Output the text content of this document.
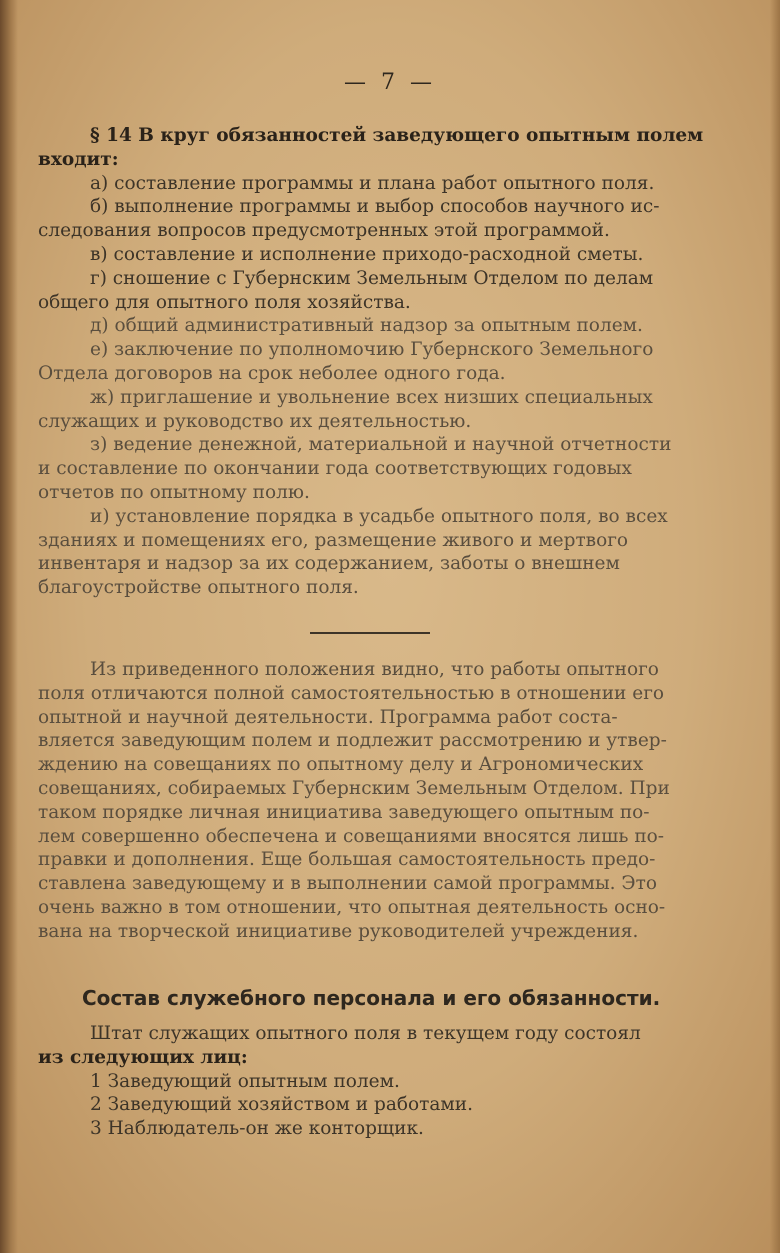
— 7 —
§ 14 В круг обязанностей заведующего опытным полем
входит:
а) составление программы и плана работ опытного поля.
б) выполнение программы и выбор способов научного ис-
следования вопросов предусмотренных этой программой.
в) составление и исполнение приходо-расходной сметы.
г) сношение с Губернским Земельным Отделом по делам
общего для опытного поля хозяйства.
д) общий административный надзор за опытным полем.
е) заключение по уполномочию Губернского Земельного
Отдела договоров на срок неболее одного года.
ж) приглашение и увольнение всех низших специальных
служащих и руководство их деятельностью.
з) ведение денежной, материальной и научной отчетности
и составление по окончании года соответствующих годовых
отчетов по опытному полю.
и) установление порядка в усадьбе опытного поля, во всех
зданиях и помещениях его, размещение живого и мертвого
инвентаря и надзор за их содержанием, заботы о внешнем
благоустройстве опытного поля.
Из приведенного положения видно, что работы опытного
поля отличаются полной самостоятельностью в отношении его
опытной и научной деятельности. Программа работ соста-
вляется заведующим полем и подлежит рассмотрению и утвер-
ждению на совещаниях по опытному делу и Агрономических
совещаниях, собираемых Губернским Земельным Отделом. При
таком порядке личная инициатива заведующего опытным по-
лем совершенно обеспечена и совещаниями вносятся лишь по-
правки и дополнения. Еще большая самостоятельность предо-
ставлена заведующему и в выполнении самой программы. Это
очень важно в том отношении, что опытная деятельность осно-
вана на творческой инициативе руководителей учреждения.
Состав служебного персонала и его обязанности.
Штат служащих опытного поля в текущем году состоял
из следующих лиц:
1 Заведующий опытным полем.
2 Заведующий хозяйством и работами.
3 Наблюдатель-он же конторщик.
